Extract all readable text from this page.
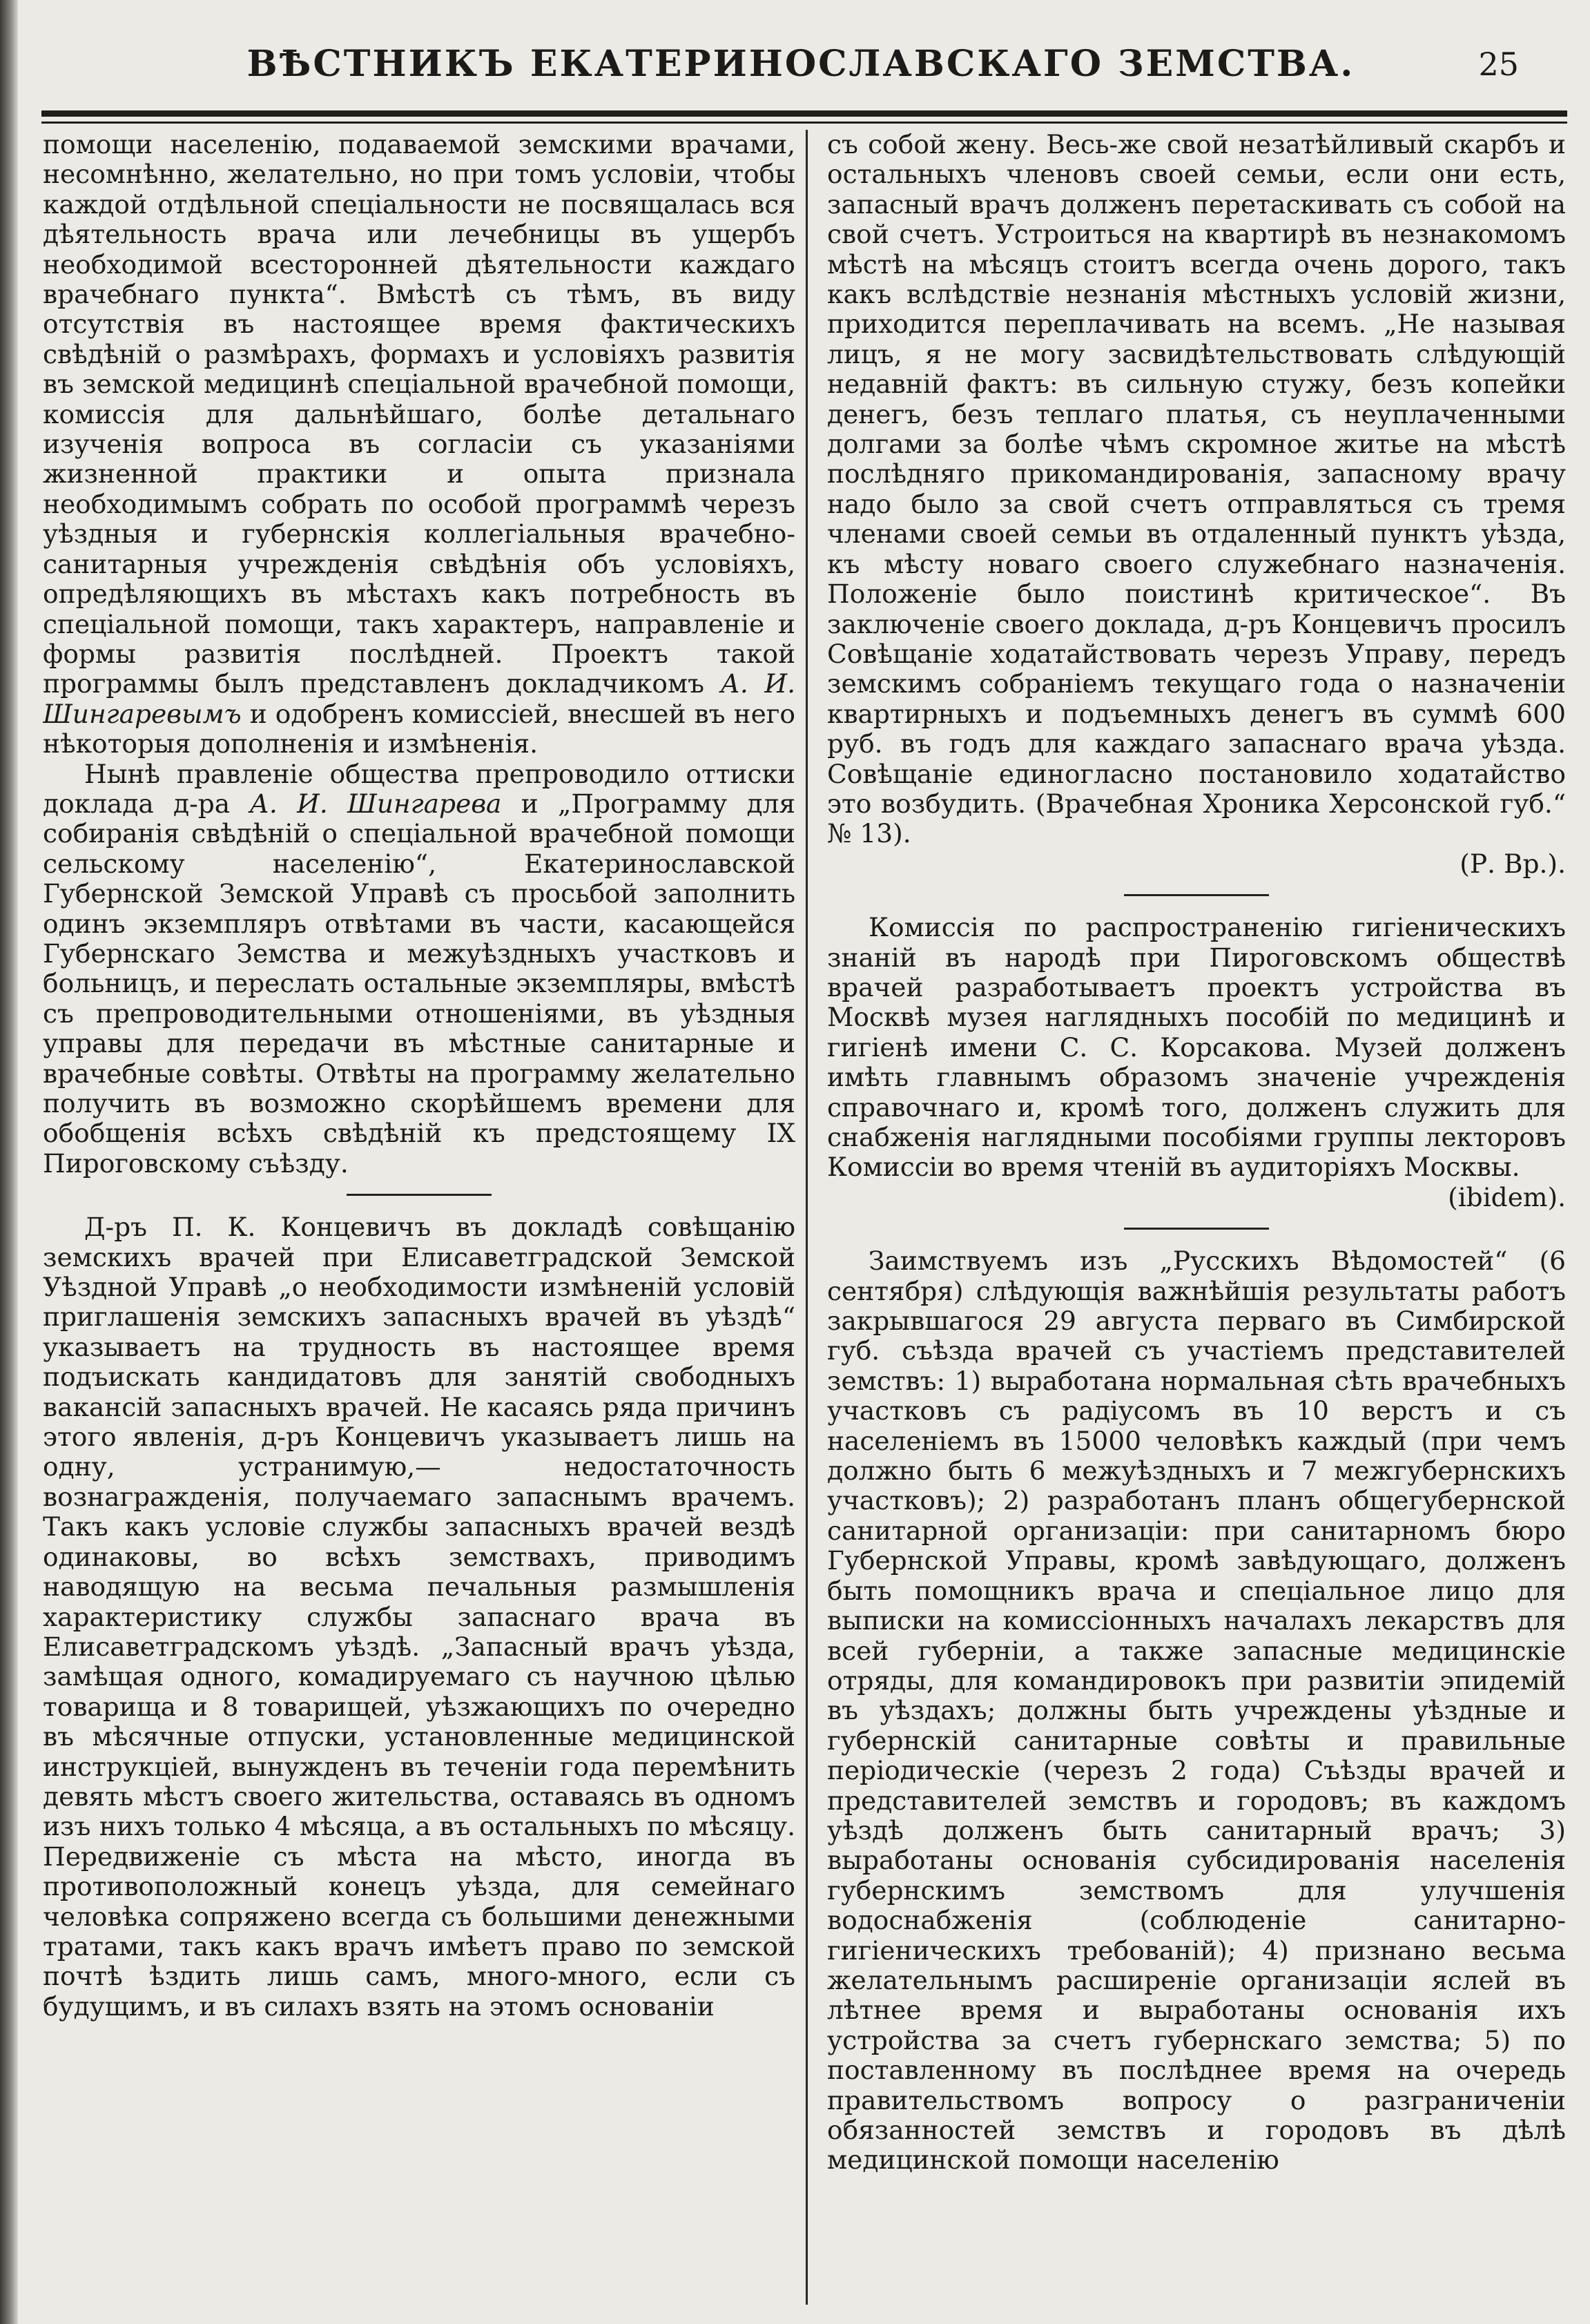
ВѢСТНИКЪ ЕКАТЕРИНОСЛАВСКАГО ЗЕМСТВА.	25

помощи населенію, подаваемой земскими врачами, несомнѣнно, желательно, но при томъ условіи, чтобы каждой отдѣльной спеціальности не посвящалась вся дѣятельность врача или лечебницы въ ущербъ необходимой всесторонней дѣятельности каждаго врачебнаго пункта“. Вмѣстѣ съ тѣмъ, въ виду отсутствія въ настоящее время фактическихъ свѣдѣній о размѣрахъ, формахъ и условіяхъ развитія въ земской медицинѣ спеціальной врачебной помощи, комиссія для дальнѣйшаго, болѣе детальнаго изученія вопроса въ согласіи съ указаніями жизненной практики и опыта признала необходимымъ собрать по особой программѣ черезъ уѣздныя и губернскія коллегіальныя врачебно-санитарныя учрежденія свѣдѣнія объ условіяхъ, опредѣляющихъ въ мѣстахъ какъ потребность въ спеціальной помощи, такъ характеръ, направленіе и формы развитія послѣдней. Проектъ такой программы былъ представленъ докладчикомъ А. И. Шингаревымъ и одобренъ комиссіей, внесшей въ него нѣкоторыя дополненія и измѣненія.

Нынѣ правленіе общества препроводило оттиски доклада д-ра А. И. Шингарева и „Программу для собиранія свѣдѣній о спеціальной врачебной помощи сельскому населенію“, Екатеринославской Губернской Земской Управѣ съ просьбой заполнить одинъ экземпляръ отвѣтами въ части, касающейся Губернскаго Земства и межуѣздныхъ участковъ и больницъ, и переслать остальные экземпляры, вмѣстѣ съ препроводительными отношеніями, въ уѣздныя управы для передачи въ мѣстные санитарные и врачебные совѣты. Отвѣты на программу желательно получить въ возможно скорѣйшемъ времени для обобщенія всѣхъ свѣдѣній къ предстоящему IX Пироговскому съѣзду.

Д-ръ П. К. Концевичъ въ докладѣ совѣщанію земскихъ врачей при Елисаветградской Земской Уѣздной Управѣ „о необходимости измѣненій условій приглашенія земскихъ запасныхъ врачей въ уѣздѣ“ указываетъ на трудность въ настоящее время подъискать кандидатовъ для занятій свободныхъ вакансій запасныхъ врачей. Не касаясь ряда причинъ этого явленія, д-ръ Концевичъ указываетъ лишь на одну, устранимую,— недостаточность вознагражденія, получаемаго запаснымъ врачемъ. Такъ какъ условіе службы запасныхъ врачей вездѣ одинаковы, во всѣхъ земствахъ, приводимъ наводящую на весьма печальныя размышленія характеристику службы запаснаго врача въ Елисаветградскомъ уѣздѣ. „Запасный врачъ уѣзда, замѣщая одного, комадируемаго съ научною цѣлью товарища и 8 товарищей, уѣзжающихъ по очередно въ мѣсячные отпуски, установленные медицинской инструкціей, вынужденъ въ теченіи года перемѣнить девять мѣстъ своего жительства, оставаясь въ одномъ изъ нихъ только 4 мѣсяца, а въ остальныхъ по мѣсяцу. Передвиженіе съ мѣста на мѣсто, иногда въ противоположный конецъ уѣзда, для семейнаго человѣка сопряжено всегда съ большими денежными тратами, такъ какъ врачъ имѣетъ право по земской почтѣ ѣздить лишь самъ, много-много, если съ будущимъ, и въ силахъ взять на этомъ основаніи

съ собой жену. Весь-же свой незатѣйливый скарбъ и остальныхъ членовъ своей семьи, если они есть, запасный врачъ долженъ перетаскивать съ собой на свой счетъ. Устроиться на квартирѣ въ незнакомомъ мѣстѣ на мѣсяцъ стоитъ всегда очень дорого, такъ какъ вслѣдствіе незнанія мѣстныхъ условій жизни, приходится переплачивать на всемъ. „Не называя лицъ, я не могу засвидѣтельствовать слѣдующій недавній фактъ: въ сильную стужу, безъ копейки денегъ, безъ теплаго платья, съ неуплаченными долгами за болѣе чѣмъ скромное житье на мѣстѣ послѣдняго прикомандированія, запасному врачу надо было за свой счетъ отправляться съ тремя членами своей семьи въ отдаленный пунктъ уѣзда, къ мѣсту новаго своего служебнаго назначенія. Положеніе было поистинѣ критическое“. Въ заключеніе своего доклада, д-ръ Концевичъ просилъ Совѣщаніе ходатайствовать черезъ Управу, передъ земскимъ собраніемъ текущаго года о назначеніи квартирныхъ и подъемныхъ денегъ въ суммѣ 600 руб. въ годъ для каждаго запаснаго врача уѣзда. Совѣщаніе единогласно постановило ходатайство это возбудить. (Врачебная Хроника Херсонской губ.“ № 13).
(Р. Вр.).

Комиссія по распространенію гигіеническихъ знаній въ народѣ при Пироговскомъ обществѣ врачей разработываетъ проектъ устройства въ Москвѣ музея наглядныхъ пособій по медицинѣ и гигіенѣ имени С. С. Корсакова. Музей долженъ имѣть главнымъ образомъ значеніе учрежденія справочнаго и, кромѣ того, долженъ служить для снабженія наглядными пособіями группы лекторовъ Комиссіи во время чтеній въ аудиторіяхъ Москвы.
(ibidem).

Заимствуемъ изъ „Русскихъ Вѣдомостей“ (6 сентября) слѣдующія важнѣйшія результаты работъ закрывшагося 29 августа перваго въ Симбирской губ. съѣзда врачей съ участіемъ представителей земствъ: 1) выработана нормальная сѣть врачебныхъ участковъ съ радіусомъ въ 10 верстъ и съ населеніемъ въ 15000 человѣкъ каждый (при чемъ должно быть 6 межуѣздныхъ и 7 межгубернскихъ участковъ); 2) разработанъ планъ общегубернской санитарной организаціи: при санитарномъ бюро Губернской Управы, кромѣ завѣдующаго, долженъ быть помощникъ врача и спеціальное лицо для выписки на комиссіонныхъ началахъ лекарствъ для всей губерніи, а также запасные медицинскіе отряды, для командировокъ при развитіи эпидемій въ уѣздахъ; должны быть учреждены уѣздные и губернскій санитарные совѣты и правильные періодическіе (черезъ 2 года) Съѣзды врачей и представителей земствъ и городовъ; въ каждомъ уѣздѣ долженъ быть санитарный врачъ; 3) выработаны основанія субсидированія населенія губернскимъ земствомъ для улучшенія водоснабженія (соблюденіе санитарно-гигіеническихъ требованій); 4) признано весьма желательнымъ расширеніе организаціи яслей въ лѣтнее время и выработаны основанія ихъ устройства за счетъ губернскаго земства; 5) по поставленному въ послѣднее время на очередь правительствомъ вопросу о разграниченіи обязанностей земствъ и городовъ въ дѣлѣ медицинской помощи населенію
